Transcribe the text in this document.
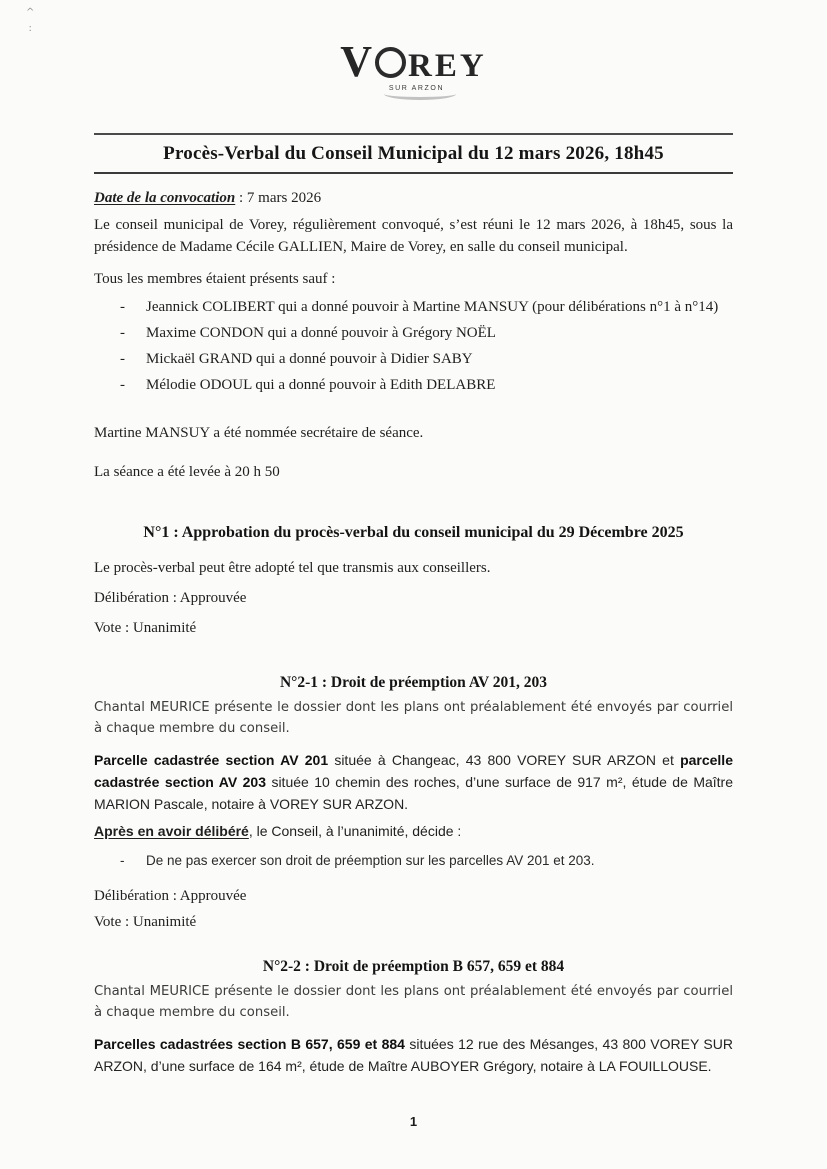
^
:
V REY
SUR ARZON
Procès-Verbal du Conseil Municipal du 12 mars 2026, 18h45

Date de la convocation : 7 mars 2026

Le conseil municipal de Vorey, régulièrement convoqué, s’est réuni le 12 mars 2026, à 18h45, sous la présidence de Madame Cécile GALLIEN, Maire de Vorey, en salle du conseil municipal.

Tous les membres étaient présents sauf :

-	Jeannick COLIBERT qui a donné pouvoir à Martine MANSUY (pour délibérations n°1 à n°14)
-	Maxime CONDON qui a donné pouvoir à Grégory NOËL
-	Mickaël GRAND qui a donné pouvoir à Didier SABY
-	Mélodie ODOUL qui a donné pouvoir à Edith DELABRE

Martine MANSUY a été nommée secrétaire de séance.

La séance a été levée à 20 h 50

N°1 : Approbation du procès-verbal du conseil municipal du 29 Décembre 2025

Le procès-verbal peut être adopté tel que transmis aux conseillers.

Délibération : Approuvée

Vote : Unanimité

N°2-1 : Droit de préemption AV 201, 203

Chantal MEURICE présente le dossier dont les plans ont préalablement été envoyés par courriel à chaque membre du conseil.

Parcelle cadastrée section AV 201 située à Changeac, 43 800 VOREY SUR ARZON et parcelle cadastrée section AV 203 située 10 chemin des roches, d’une surface de 917 m², étude de Maître MARION Pascale, notaire à VOREY SUR ARZON.

Après en avoir délibéré, le Conseil, à l’unanimité, décide :

-	De ne pas exercer son droit de préemption sur les parcelles AV 201 et 203.

Délibération : Approuvée

Vote : Unanimité

N°2-2 : Droit de préemption B 657, 659 et 884

Chantal MEURICE présente le dossier dont les plans ont préalablement été envoyés par courriel à chaque membre du conseil.

Parcelles cadastrées section B 657, 659 et 884 situées 12 rue des Mésanges, 43 800 VOREY SUR ARZON, d’une surface de 164 m², étude de Maître AUBOYER Grégory, notaire à LA FOUILLOUSE.

1
